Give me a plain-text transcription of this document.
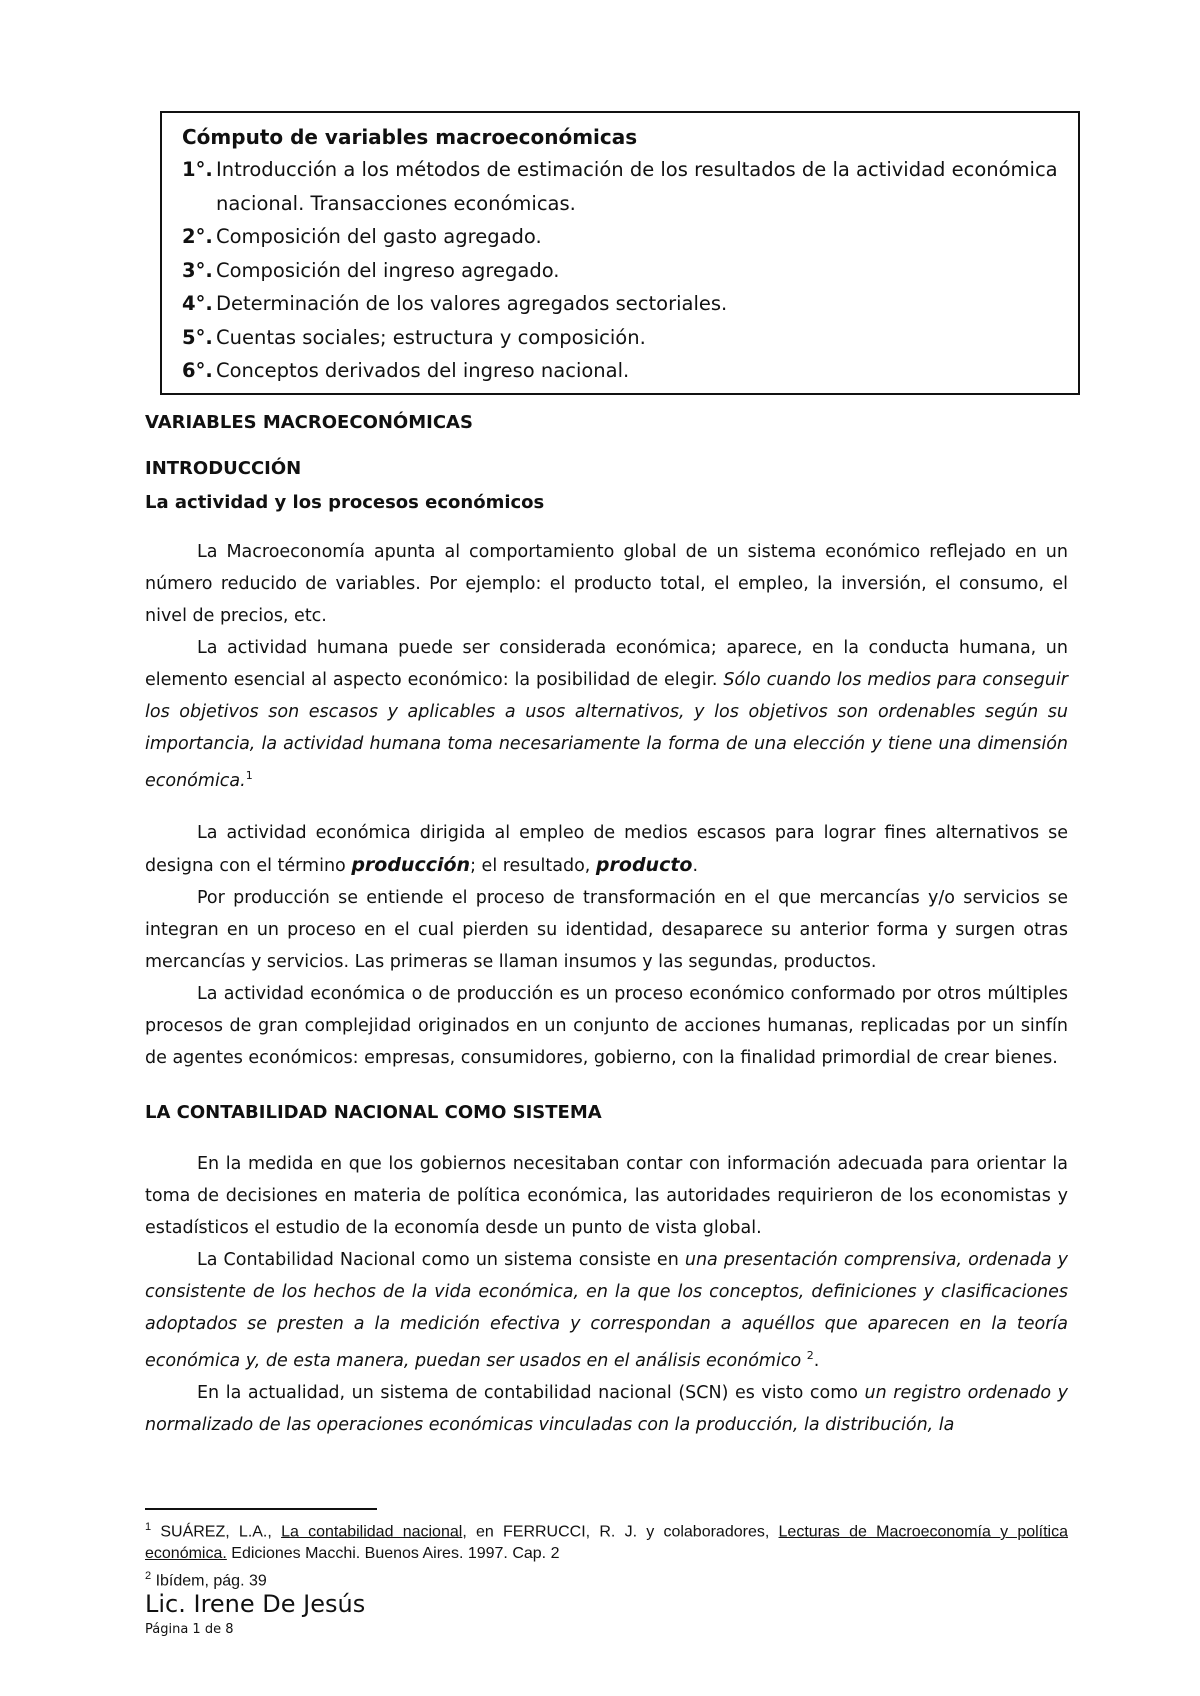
Cómputo de variables macroeconómicas

1°. Introducción a los métodos de estimación de los resultados de la actividad económica nacional. Transacciones económicas.
2°. Composición del gasto agregado.
3°. Composición del ingreso agregado.
4°. Determinación de los valores agregados sectoriales.
5°. Cuentas sociales; estructura y composición.
6°. Conceptos derivados del ingreso nacional.

VARIABLES MACROECONÓMICAS

INTRODUCCIÓN

La actividad y los procesos económicos

La Macroeconomía apunta al comportamiento global de un sistema económico reflejado en un número reducido de variables. Por ejemplo: el producto total, el empleo, la inversión, el consumo, el nivel de precios, etc.

La actividad humana puede ser considerada económica; aparece, en la conducta humana, un elemento esencial al aspecto económico: la posibilidad de elegir. Sólo cuando los medios para conseguir los objetivos son escasos y aplicables a usos alternativos, y los objetivos son ordenables según su importancia, la actividad humana toma necesariamente la forma de una elección y tiene una dimensión económica.$^1$

La actividad económica dirigida al empleo de medios escasos para lograr fines alternativos se designa con el término producción; el resultado, producto.

Por producción se entiende el proceso de transformación en el que mercancías y/o servicios se integran en un proceso en el cual pierden su identidad, desaparece su anterior forma y surgen otras mercancías y servicios. Las primeras se llaman insumos y las segundas, productos.

La actividad económica o de producción es un proceso económico conformado por otros múltiples procesos de gran complejidad originados en un conjunto de acciones humanas, replicadas por un sinfín de agentes económicos: empresas, consumidores, gobierno, con la finalidad primordial de crear bienes.

LA CONTABILIDAD NACIONAL COMO SISTEMA

En la medida en que los gobiernos necesitaban contar con información adecuada para orientar la toma de decisiones en materia de política económica, las autoridades requirieron de los economistas y estadísticos el estudio de la economía desde un punto de vista global.

La Contabilidad Nacional como un sistema consiste en una presentación comprensiva, ordenada y consistente de los hechos de la vida económica, en la que los conceptos, definiciones y clasificaciones adoptados se presten a la medición efectiva y correspondan a aquéllos que aparecen en la teoría económica y, de esta manera, puedan ser usados en el análisis económico $^2$.

En la actualidad, un sistema de contabilidad nacional (SCN) es visto como un registro ordenado y normalizado de las operaciones económicas vinculadas con la producción, la distribución, la

$^1$ SUÁREZ, L.A., La contabilidad nacional, en FERRUCCI, R. J. y colaboradores, Lecturas de Macroeconomía y política económica. Ediciones Macchi. Buenos Aires. 1997. Cap. 2

$^2$ Ibídem, pág. 39

Lic. Irene De Jesús

Página 1 de 8
